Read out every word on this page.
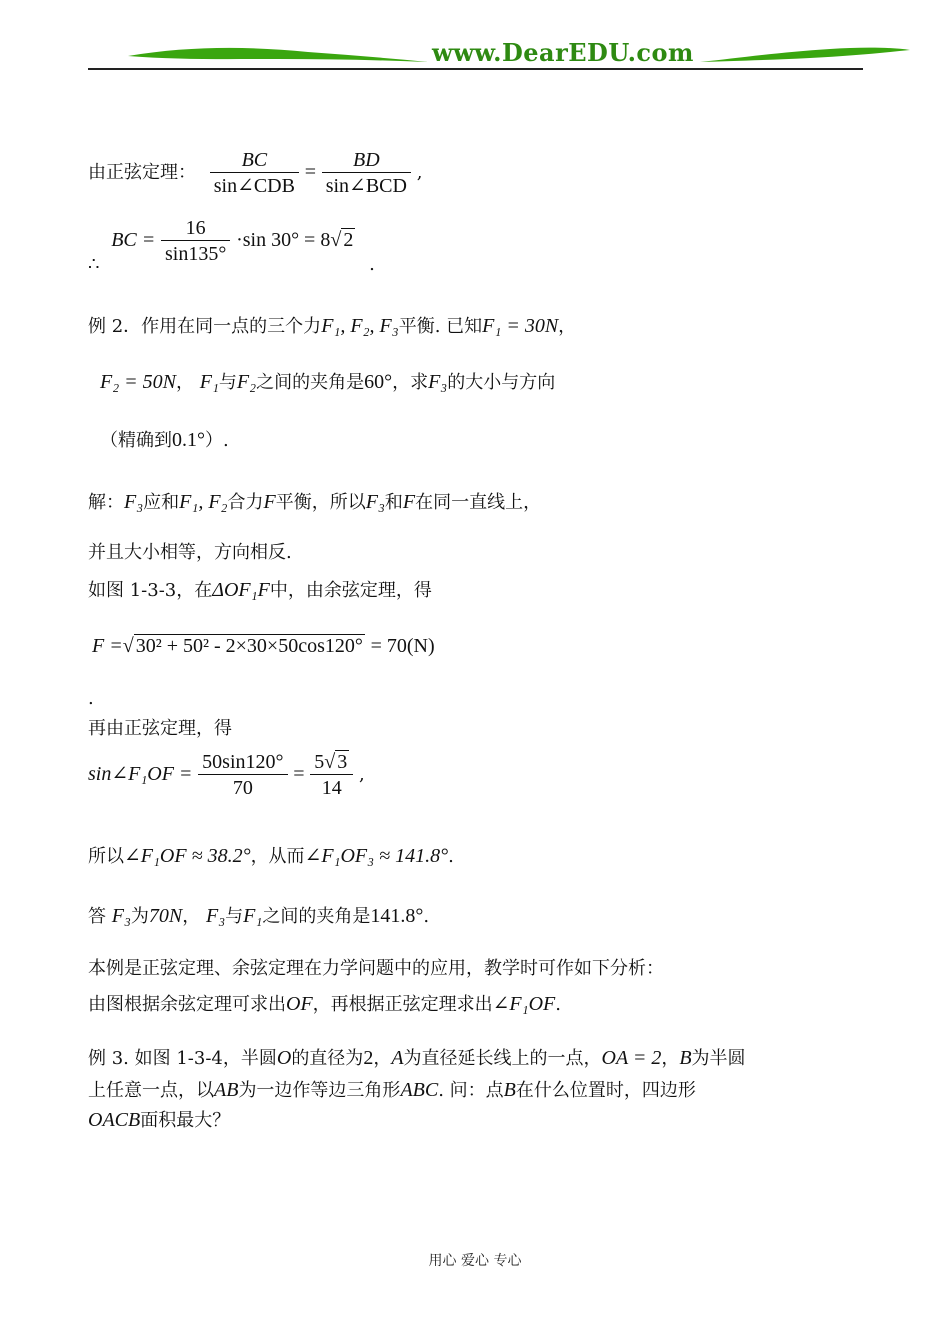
www.DearEDU.com
由正弦定理： $\frac{BC}{\text{sin∠CDB}} = \frac{BD}{\text{sin∠BCD}}$ ,
∴ BC = $\frac{16}{\sin 135^\circ} \cdot\sin$ 30° = 8√ 2 .
例 2．作用在同一点的三个力F₁, F₂, F₃平衡. 已知F₁ = 30N，
F₂ = 50N， F₁与F₂之间的夹角是60°，求F₃的大小与方向
（精确到0.1°）.
解：F₃应和F₁, F₂合力F平衡，所以F₃和F在同一直线上，
并且大小相等，方向相反.
如图 1-3-3，在ΔOF₁F中，由余弦定理，得
F =√ 30² + 50² - 2×30×50cos120° = 70(N)
.
再由正弦定理，得
sin∠F₁OF = $\frac{50\sin 120^\circ}{70} = \frac{5√ 3}{14}$ ,
所以∠F₁OF ≈ 38.2°，从而∠F₁OF₃ ≈ 141.8°.
答 F₃为70N， F₃与F₁之间的夹角是141.8°.
本例是正弦定理、余弦定理在力学问题中的应用，教学时可作如下分析：
由图根据余弦定理可求出OF，再根据正弦定理求出∠F₁OF.
例 3. 如图 1-3-4，半圆O的直径为2，A为直径延长线上的一点，OA = 2，B为半圆
上任意一点，以AB为一边作等边三角形ABC. 问：点B在什么位置时，四边形
OACB面积最大？
用心 爱心 专心
